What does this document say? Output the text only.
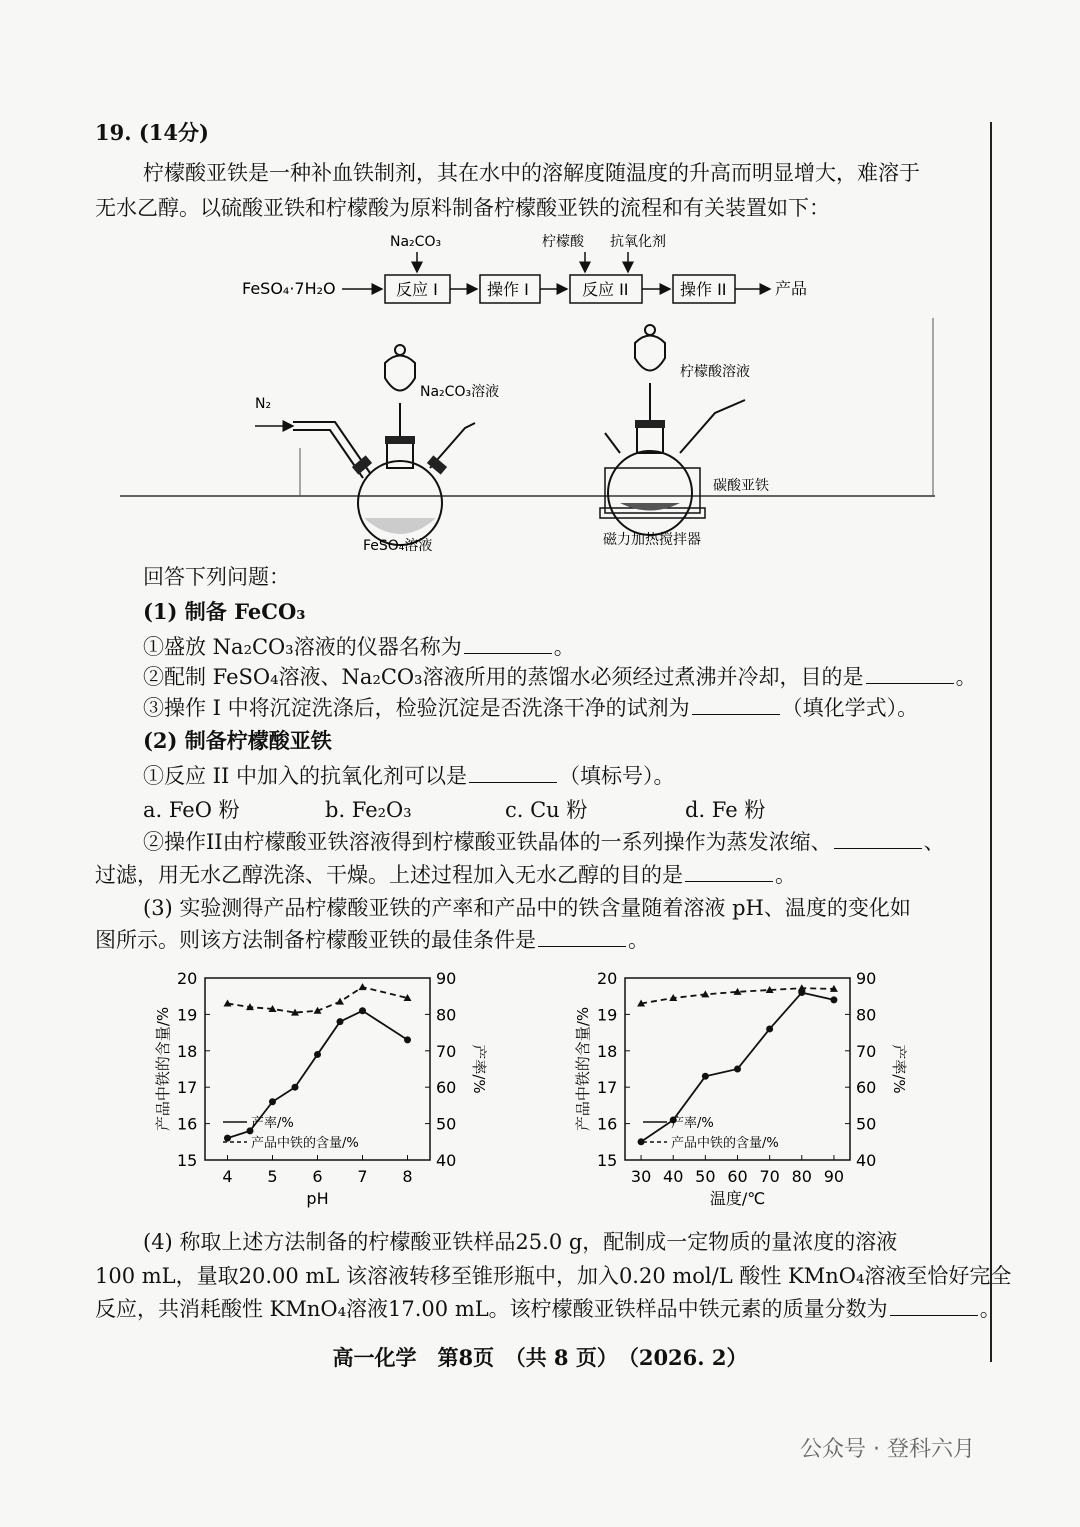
19. (14分)
柠檬酸亚铁是一种补血铁制剂，其在水中的溶解度随温度的升高而明显增大，难溶于
无水乙醇。以硫酸亚铁和柠檬酸为原料制备柠檬酸亚铁的流程和有关装置如下：
FeSO₄·7H₂O	反应 I
Na₂CO₃
操作 I	反应 II
柠檬酸 抗氧化剂
操作 II	产品
N₂
Na₂CO₃溶液
FeSO₄溶液
柠檬酸溶液
碳酸亚铁
磁力加热搅拌器
回答下列问题：
(1) 制备 FeCO₃
①盛放 Na₂CO₃溶液的仪器名称为	。
②配制 FeSO₄溶液、Na₂CO₃溶液所用的蒸馏水必须经过煮沸并冷却，目的是	。
③操作 I 中将沉淀洗涤后，检验沉淀是否洗涤干净的试剂为	（填化学式）。
(2) 制备柠檬酸亚铁
①反应 II 中加入的抗氧化剂可以是	（填标号）。
a. FeO 粉	b. Fe₂O₃	c. Cu 粉	d. Fe 粉
②操作II由柠檬酸亚铁溶液得到柠檬酸亚铁晶体的一系列操作为蒸发浓缩、	、
过滤，用无水乙醇洗涤、干燥。上述过程加入无水乙醇的目的是	。
(3) 实验测得产品柠檬酸亚铁的产率和产品中的铁含量随着溶液 pH、温度的变化如
图所示。则该方法制备柠檬酸亚铁的最佳条件是	。
15
16
17
18
19
20
40
50
60
70
80
90
4 5 6 7 8
pH
产品中铁的含量/%	产率/%
产率/%
产品中铁的含量/%
15
16
17
18
19
20
40
50
60
70
80
90
30 40 50 60 70 80 90
温度/℃
产品中铁的含量/%	产率/%
产率/%
产品中铁的含量/%
(4) 称取上述方法制备的柠檬酸亚铁样品25.0 g，配制成一定物质的量浓度的溶液
100 mL，量取20.00 mL 该溶液转移至锥形瓶中，加入0.20 mol/L 酸性 KMnO₄溶液至恰好完全
反应，共消耗酸性 KMnO₄溶液17.00 mL。该柠檬酸亚铁样品中铁元素的质量分数为	。
高一化学　第8页　（共 8 页）　（2026. 2）
公众号 · 登科六月
